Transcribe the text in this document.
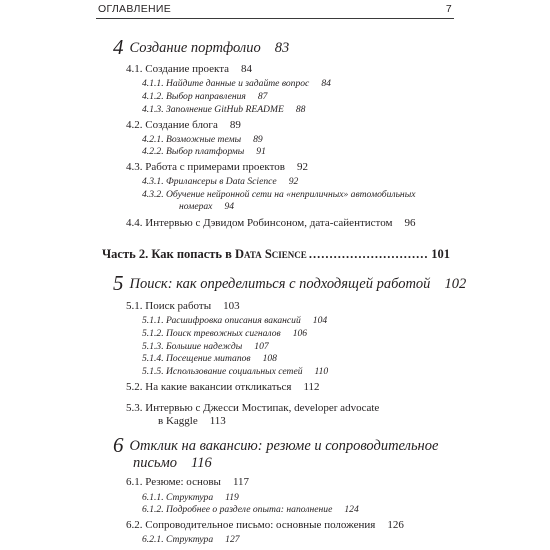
ОГЛАВЛЕНИЕ	7
4 Создание портфолио 83
4.1. Создание проекта 84
4.1.1. Найдите данные и задайте вопрос 84
4.1.2. Выбор направления 87
4.1.3. Заполнение GitHub README 88
4.2. Создание блога 89
4.2.1. Возможные темы 89
4.2.2. Выбор платформы 91
4.3. Работа с примерами проектов 92
4.3.1. Фрилансеры в Data Science 92
4.3.2. Обучение нейронной сети на «неприличных» автомобильных
номерах 94
4.4. Интервью с Дэвидом Робинсоном, дата-сайентистом 96
Часть 2. Как попасть в Data Science
.....	101
5 Поиск: как определиться с подходящей работой 102
5.1. Поиск работы 103
5.1.1. Расшифровка описания вакансий 104
5.1.2. Поиск тревожных сигналов 106
5.1.3. Большие надежды 107
5.1.4. Посещение митапов 108
5.1.5. Использование социальных сетей 110
5.2. На какие вакансии откликаться 112
5.3. Интервью с Джесси Мостипак, developer advocate
в Kaggle 113
6 Отклик на вакансию: резюме и сопроводительное
письмо 116
6.1. Резюме: основы 117
6.1.1. Структура 119
6.1.2. Подробнее о разделе опыта: наполнение 124
6.2. Сопроводительное письмо: основные положения 126
6.2.1. Структура 127
